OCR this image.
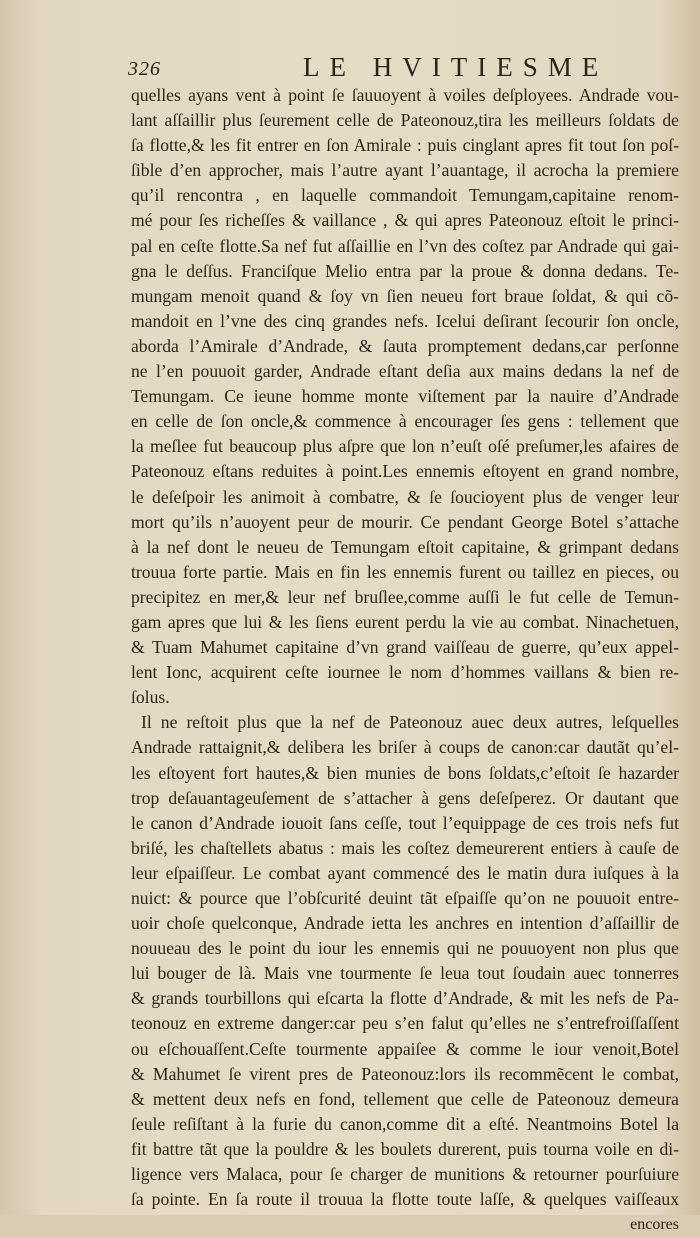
326	LE HVITIESME
quelles ayans vent à point ſe ſauuoyent à voiles deſployees. Andrade vou-
lant aſſaillir plus ſeurement celle de Pateonouz,tira les meilleurs ſoldats de
ſa flotte,& les fit entrer en ſon Amirale : puis cinglant apres fit tout ſon poſ-
ſible d’en approcher, mais l’autre ayant l’auantage, il acrocha la premiere
qu’il rencontra , en laquelle commandoit Temungam,capitaine renom-
mé pour ſes richeſſes & vaillance , & qui apres Pateonouz eſtoit le princi-
pal en ceſte flotte.Sa nef fut aſſaillie en l’vn des coſtez par Andrade qui gai-
gna le deſſus. Franciſque Melio entra par la proue & donna dedans. Te-
mungam menoit quand & ſoy vn ſien neueu fort braue ſoldat, & qui cõ-
mandoit en l’vne des cinq grandes nefs. Icelui deſirant ſecourir ſon oncle,
aborda l’Amirale d’Andrade, & ſauta promptement dedans,car perſonne
ne l’en pouuoit garder, Andrade eſtant deſia aux mains dedans la nef de
Temungam. Ce ieune homme monte viſtement par la nauire d’Andrade
en celle de ſon oncle,& commence à encourager ſes gens : tellement que
la meſlee fut beaucoup plus aſpre que lon n’euſt oſé preſumer,les afaires de
Pateonouz eſtans reduites à point.Les ennemis eſtoyent en grand nombre,
le deſeſpoir les animoit à combatre, & ſe ſoucioyent plus de venger leur
mort qu’ils n’auoyent peur de mourir. Ce pendant George Botel s’attache
à la nef dont le neueu de Temungam eſtoit capitaine, & grimpant dedans
trouua forte partie. Mais en fin les ennemis furent ou taillez en pieces, ou
precipitez en mer,& leur nef bruſlee,comme auſſi le fut celle de Temun-
gam apres que lui & les ſiens eurent perdu la vie au combat. Ninachetuen,
& Tuam Mahumet capitaine d’vn grand vaiſſeau de guerre, qu’eux appel-
lent Ionc, acquirent ceſte iournee le nom d’hommes vaillans & bien re-
ſolus.
Il ne reſtoit plus que la nef de Pateonouz auec deux autres, leſquelles
Andrade rattaignit,& delibera les briſer à coups de canon:car dautãt qu’el-
les eſtoyent fort hautes,& bien munies de bons ſoldats,c’eſtoit ſe hazarder
trop deſauantageuſement de s’attacher à gens deſeſperez. Or dautant que
le canon d’Andrade iouoit ſans ceſſe, tout l’equippage de ces trois nefs fut
briſé, les chaſtellets abatus : mais les coſtez demeurerent entiers à cauſe de
leur eſpaiſſeur. Le combat ayant commencé des le matin dura iuſques à la
nuict: & pource que l’obſcurité deuint tãt eſpaiſſe qu’on ne pouuoit entre-
uoir choſe quelconque, Andrade ietta les anchres en intention d’aſſaillir de
nouueau des le point du iour les ennemis qui ne pouuoyent non plus que
lui bouger de là. Mais vne tourmente ſe leua tout ſoudain auec tonnerres
& grands tourbillons qui eſcarta la flotte d’Andrade, & mit les nefs de Pa-
teonouz en extreme danger:car peu s’en falut qu’elles ne s’entrefroiſſaſſent
ou eſchouaſſent.Ceſte tourmente appaiſee & comme le iour venoit,Botel
& Mahumet ſe virent pres de Pateonouz:lors ils recommẽcent le combat,
& mettent deux nefs en fond, tellement que celle de Pateonouz demeura
ſeule reſiſtant à la furie du canon,comme dit a eſté. Neantmoins Botel la
fit battre tãt que la pouldre & les boulets durerent, puis tourna voile en di-
ligence vers Malaca, pour ſe charger de munitions & retourner pourſuiure
ſa pointe. En ſa route il trouua la flotte toute laſſe, & quelques vaiſſeaux
encores
